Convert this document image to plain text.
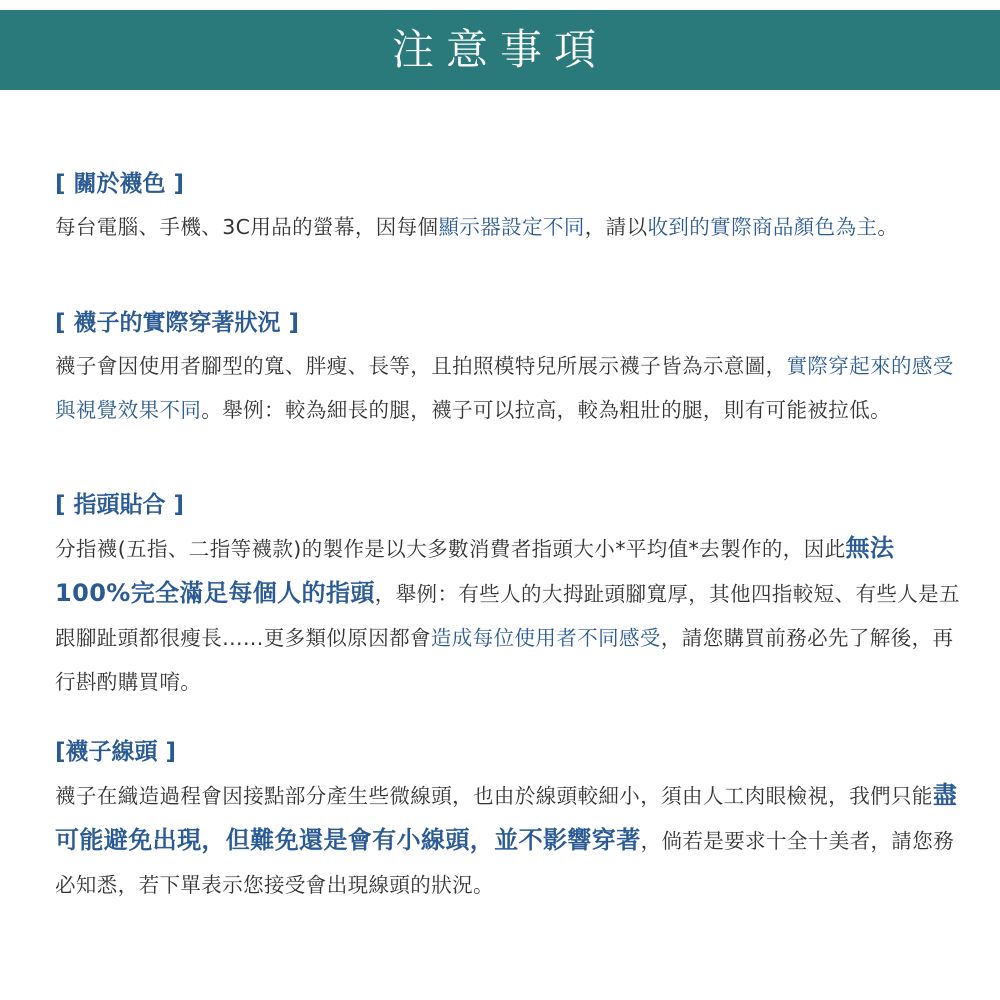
注意事項

[ 關於襪色 ]

每台電腦、手機、3C用品的螢幕，因每個顯示器設定不同，請以收到的實際商品顏色為主。

[ 襪子的實際穿著狀況 ]

襪子會因使用者腳型的寬、胖瘦、長等，且拍照模特兒所展示襪子皆為示意圖，實際穿起來的感受與視覺效果不同。舉例：較為細長的腿，襪子可以拉高，較為粗壯的腿，則有可能被拉低。

[ 指頭貼合 ]

分指襪(五指、二指等襪款)的製作是以大多數消費者指頭大小*平均值*去製作的，因此無法100%完全滿足每個人的指頭，舉例：有些人的大拇趾頭腳寬厚，其他四指較短、有些人是五跟腳趾頭都很瘦長......更多類似原因都會造成每位使用者不同感受，請您購買前務必先了解後，再行斟酌購買唷。

[襪子線頭 ]

襪子在織造過程會因接點部分產生些微線頭，也由於線頭較細小，須由人工肉眼檢視，我們只能盡可能避免出現，但難免還是會有小線頭，並不影響穿著，倘若是要求十全十美者，請您務必知悉，若下單表示您接受會出現線頭的狀況。
